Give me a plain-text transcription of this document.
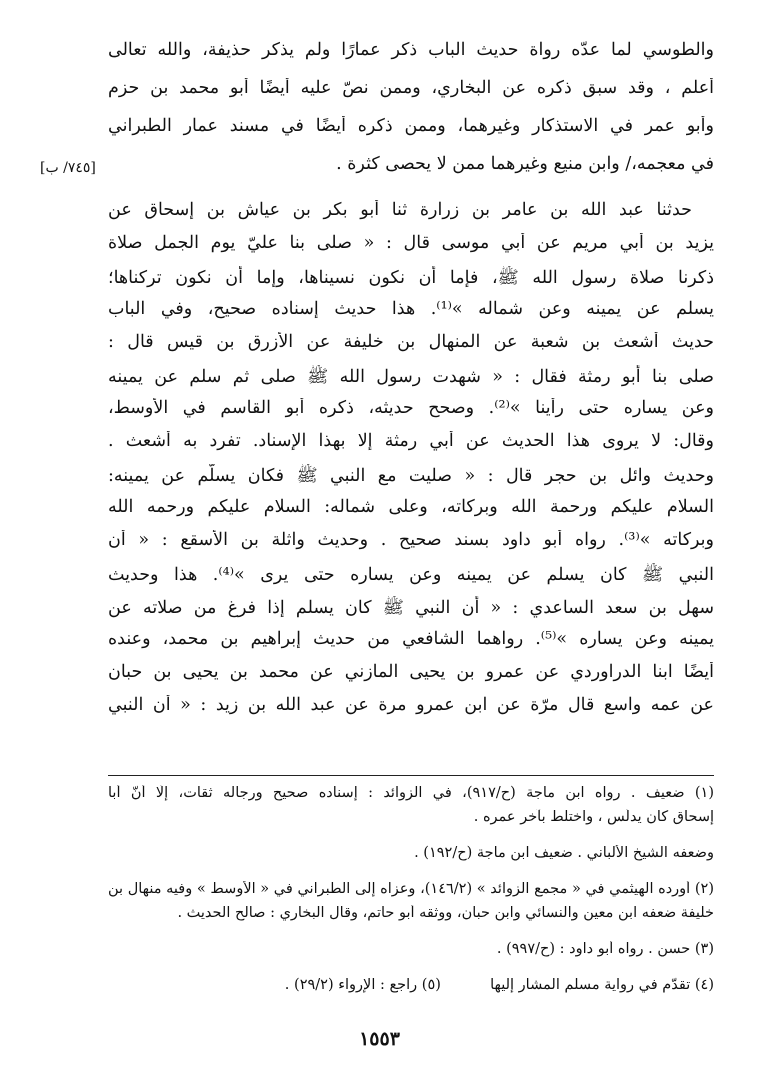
والطوسي لما عدّه رواة حديث الباب ذكر عمارًا ولم يذكر حذيفة، والله تعالى
أعلم ، وقد سبق ذكره عن البخاري، وممن نصّ عليه أيضًا أبو محمد بن حزم
وأبو عمر في الاستذكار وغيرهما، وممن ذكره أيضًا في مسند عمار الطبراني
في معجمه،/ وابن منيع وغيرهما ممن لا يحصى كثرة .
[٧٤٥/ ب]
حدثنا عبد الله بن عامر بن زرارة ثنا أبو بكر بن عياش بن إسحاق عن
يزيد بن أبي مريم عن أبي موسى قال : « صلى بنا عليّ يوم الجمل صلاة
ذكرنا صلاة رسول الله ﷺ، فإما أن نكون نسيناها، وإما أن نكون تركناها؛
يسلم عن يمينه وعن شماله »⁽¹⁾. هذا حديث إسناده صحيح، وفي الباب
حديث أشعث بن شعبة عن المنهال بن خليفة عن الأزرق بن قيس قال :
صلى بنا أبو رمثة فقال : « شهدت رسول الله ﷺ صلى ثم سلم عن يمينه
وعن يساره حتى رأينا »⁽²⁾. وصحح حديثه، ذكره أبو القاسم في الأوسط،
وقال: لا يروى هذا الحديث عن أبي رمثة إلا بهذا الإسناد. تفرد به أشعث .
وحديث وائل بن حجر قال : « صليت مع النبي ﷺ فكان يسلّم عن يمينه:
السلام عليكم ورحمة الله وبركاته، وعلى شماله: السلام عليكم ورحمه الله
وبركاته »⁽³⁾. رواه أبو داود بسند صحيح . وحديث واثلة بن الأسقع : « أن
النبي ﷺ كان يسلم عن يمينه وعن يساره حتى يرى »⁽⁴⁾. هذا وحديث
سهل بن سعد الساعدي : « أن النبي ﷺ كان يسلم إذا فرغ من صلاته عن
يمينه وعن يساره »⁽⁵⁾. رواهما الشافعي من حديث إبراهيم بن محمد، وعنده
أيضًا ابنا الدراوردي عن عمرو بن يحيى المازني عن محمد بن يحيى بن حبان
عن عمه واسع قال مرّة عن ابن عمرو مرة عن عبد الله بن زيد : « أن النبي
(١) ضعيف . رواه ابن ماجة (ح/٩١٧)، في الزوائد : إسناده صحيح ورجاله ثقات، إلّا أنّ أبا
إسحاق كان يدلّس ، واختلط بآخر عمره .
وضعفه الشيخ الألباني . ضعيف ابن ماجة (ح/١٩٢) .
(٢) أورده الهيثمي في « مجمع الزوائد » (١٤٦/٢)، وعزاه إلى الطبراني في « الأوسط » وفيه منهال بن
خليفة ضعفه ابن معين والنسائي وابن حبان، ووثقه أبو حاتم، وقال البخاري : صالح الحديث .
(٣) حسن . رواه أبو داود : (ح/٩٩٧) .
(٤) تقدّم في رواية مسلم المشار إليها  (٥) راجع : الإرواء (٢٩/٢) .
١٥٥٣
